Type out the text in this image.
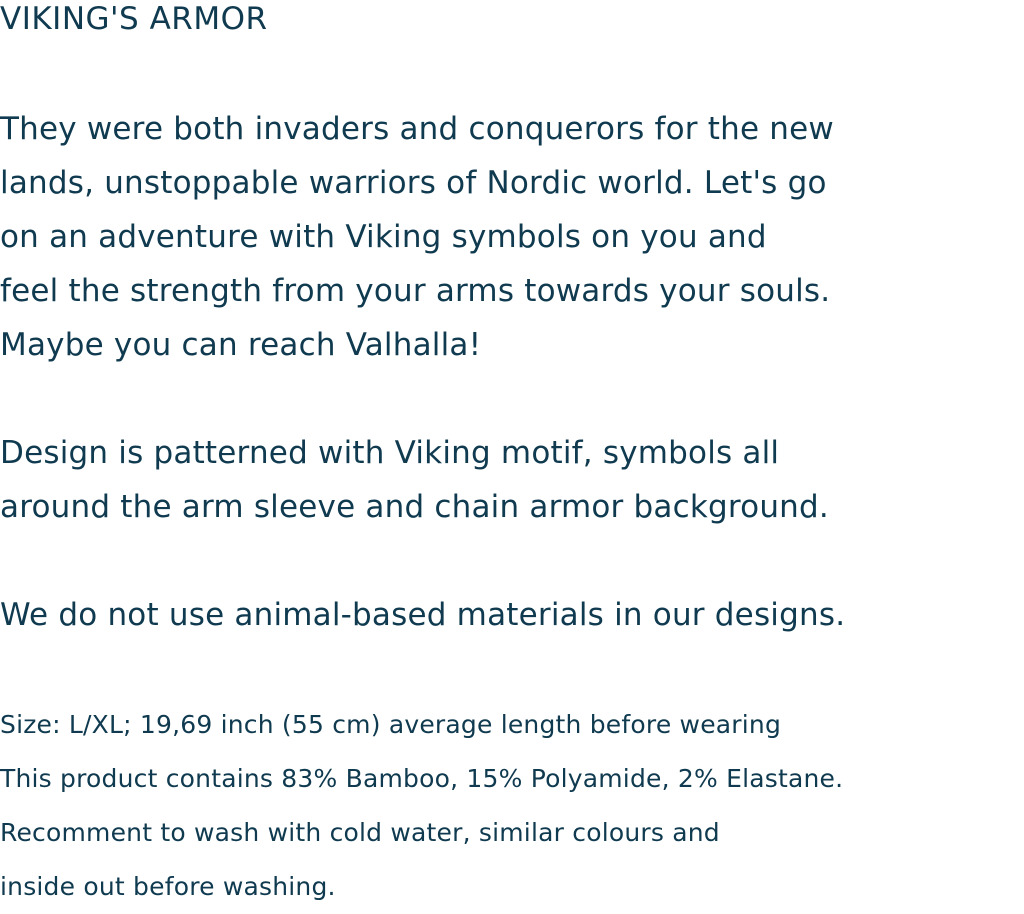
VIKING'S ARMOR

They were both invaders and conquerors for the new
lands, unstoppable warriors of Nordic world. Let's go
on an adventure with Viking symbols on you and
feel the strength from your arms towards your souls.
Maybe you can reach Valhalla!

Design is patterned with Viking motif, symbols all
around the arm sleeve and chain armor background.

We do not use animal-based materials in our designs.

Size: L/XL; 19,69 inch (55 cm) average length before wearing
This product contains 83% Bamboo, 15% Polyamide, 2% Elastane.
Recomment to wash with cold water, similar colours and
inside out before washing.
